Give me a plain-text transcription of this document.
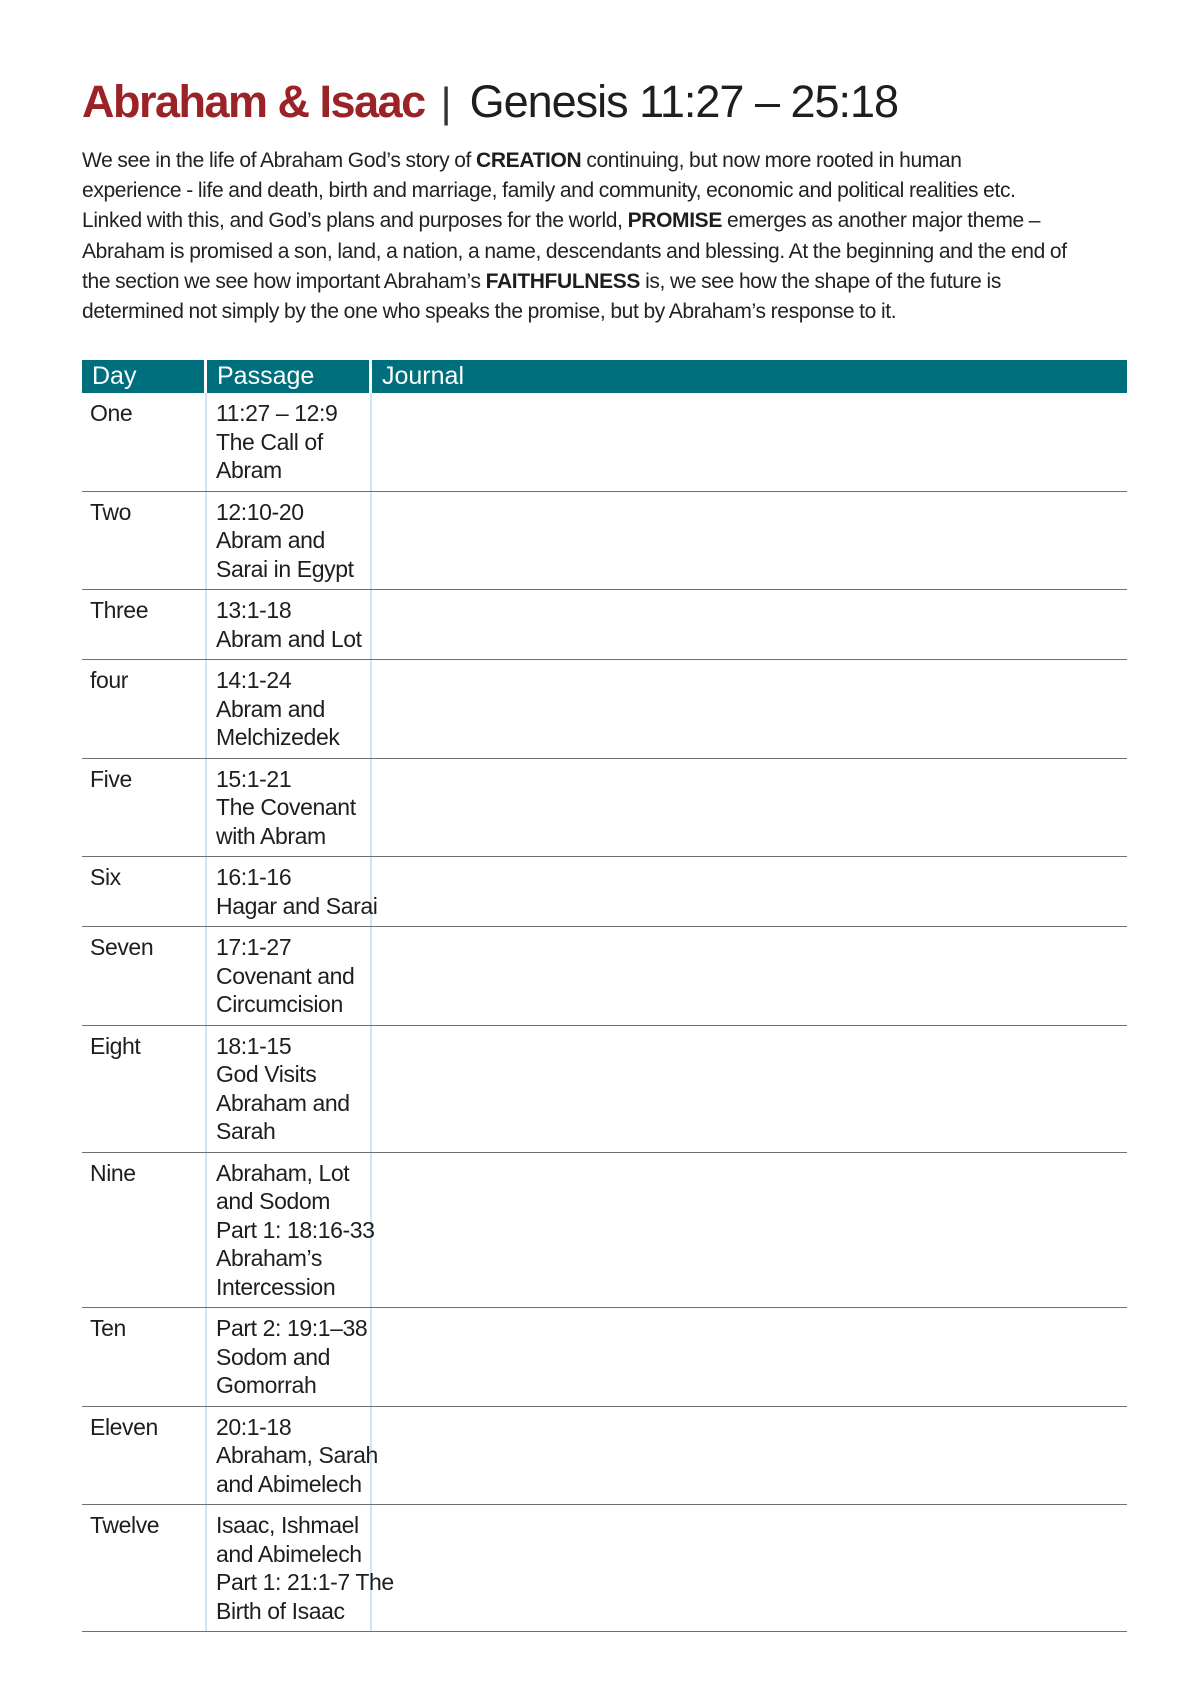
Abraham & Isaac | Genesis 11:27 – 25:18
We see in the life of Abraham God’s story of CREATION continuing, but now more rooted in human
experience - life and death, birth and marriage, family and community, economic and political realities etc.
Linked with this, and God’s plans and purposes for the world, PROMISE emerges as another major theme –
Abraham is promised a son, land, a nation, a name, descendants and blessing. At the beginning and the end of
the section we see how important Abraham’s FAITHFULNESS is, we see how the shape of the future is
determined not simply by the one who speaks the promise, but by Abraham’s response to it.
Day	Passage	Journal
One	11:27 – 12:9
The Call of
Abram
Two	12:10-20
Abram and
Sarai in Egypt
Three	13:1-18
Abram and Lot
four	14:1-24
Abram and
Melchizedek
Five	15:1-21
The Covenant
with Abram
Six	16:1-16
Hagar and Sarai
Seven	17:1-27
Covenant and
Circumcision
Eight	18:1-15
God Visits
Abraham and
Sarah
Nine	Abraham, Lot
and Sodom
Part 1: 18:16-33
Abraham’s
Intercession
Ten	Part 2: 19:1–38
Sodom and
Gomorrah
Eleven	20:1-18
Abraham, Sarah
and Abimelech
Twelve	Isaac, Ishmael
and Abimelech
Part 1: 21:1-7 The
Birth of Isaac
